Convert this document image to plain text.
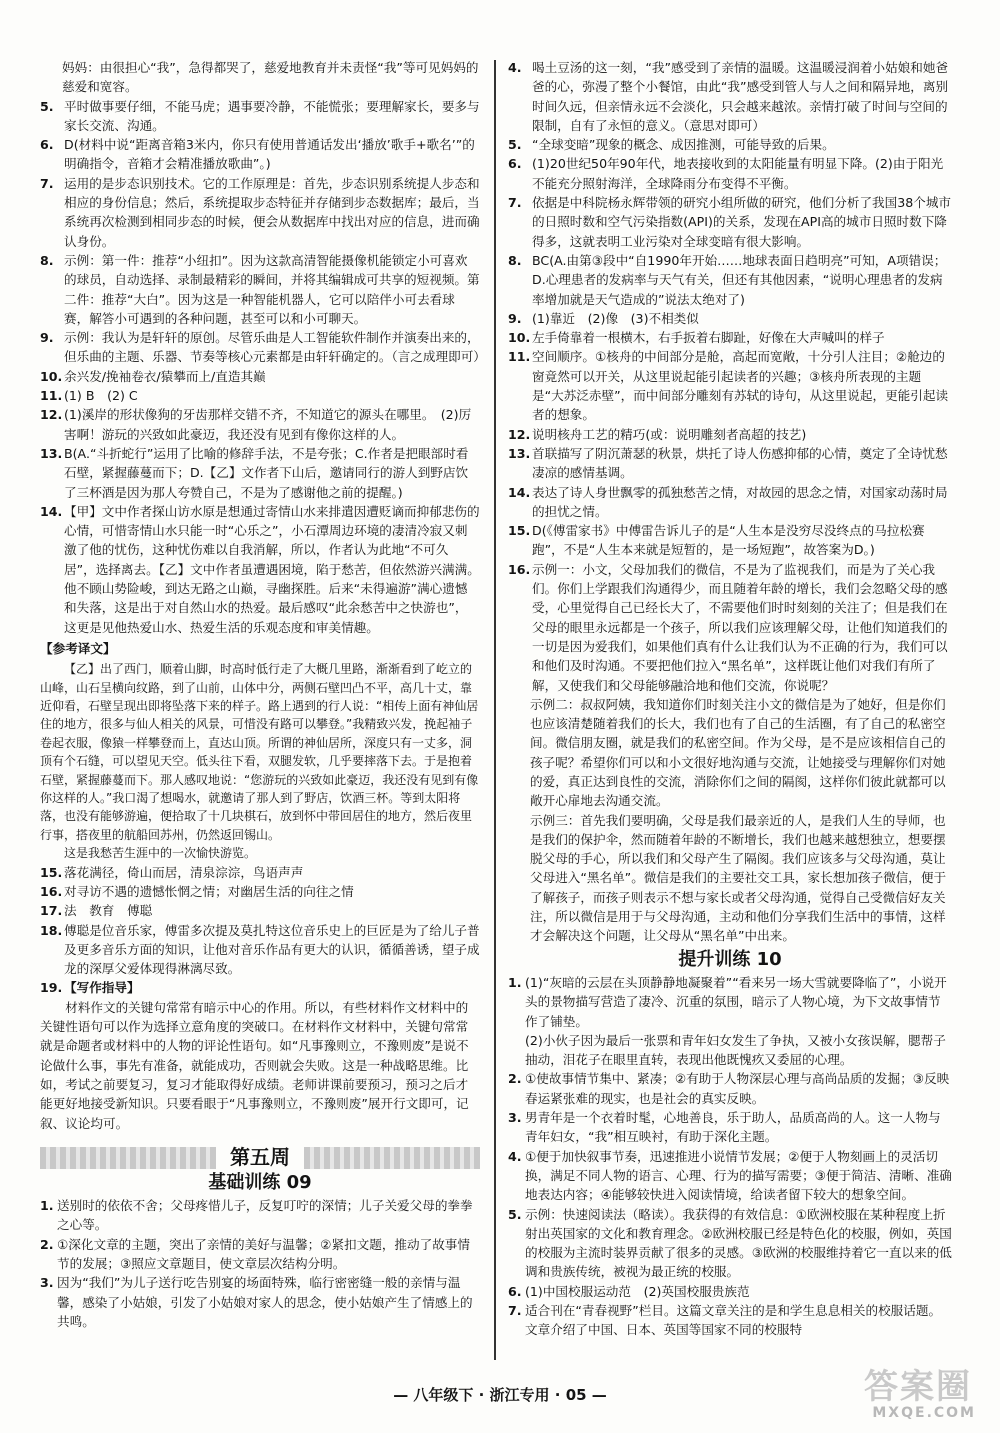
妈妈：由很担心“我”，急得都哭了，慈爱地教育并未责怪“我”等可见妈妈的慈爱和宽容。
5. 平时做事要仔细，不能马虎；遇事要冷静，不能慌张；要理解家长，要多与家长交流、沟通。
6. D(材料中说“距离音箱3米内，你只有使用普通话发出‘播放’歌手+歌名’”的明确指令，音箱才会精准播放歌曲”。)
7. 运用的是步态识别技术。它的工作原理是：首先，步态识别系统提人步态和相应的身份信息；然后，系统提取步态特征并存储到步态数据库；最后，当系统再次检测到相同步态的时候，便会从数据库中找出对应的信息，进而确认身份。
8. 示例：第一件：推荐“小纽扣”。因为这款高清智能摄像机能锁定小可喜欢的球员，自动选择、录制最精彩的瞬间，并将其编辑成可共享的短视频。第二件：推荐“大白”。因为这是一种智能机器人，它可以陪伴小可去看球赛，解答小可遇到的各种问题，甚至可以和小可聊天。
9. 示例：我认为是轩轩的原创。尽管乐曲是人工智能软件制作并演奏出来的，但乐曲的主题、乐器、节奏等核心元素都是由轩轩确定的。（言之成理即可）
10. 余兴发/挽袖卷衣/猿攀而上/直造其巅
11. (1) B　(2) C
12. (1)溪岸的形状像狗的牙齿那样交错不齐，不知道它的源头在哪里。　(2)厉害啊！游玩的兴致如此豪迈，我还没有见到有像你这样的人。
13. B(A.“斗折蛇行”运用了比喻的修辞手法，不是夸张；C.作者是把眼部时看石壁，紧握藤蔓而下；D.【乙】文作者下山后，邀请同行的游人到野店饮了三杯酒是因为那人夸赞自己，不是为了感谢他之前的提醒。)
14. 【甲】文中作者探山访水原是想通过寄情山水来排遣因遭贬谪而抑郁悲伤的心情，可惜寄情山水只能一时“心乐之”，小石潭周边环境的凄清冷寂又刺激了他的忧伤，这种忧伤难以自我消解，所以，作者认为此地“不可久居”，选择离去。【乙】文中作者虽遭遇困境，陷于愁苦，但依然游兴满满。他不顾山势险峻，到达无路之山巅，寻幽探胜。后来“未得遍游”满心遗憾和失落，这是出于对自然山水的热爱。最后感叹“此余愁苦中之快游也”，这更是见他热爱山水、热爱生活的乐观态度和审美情趣。
【参考译文】
【乙】出了西门，顺着山脚，时高时低行走了大概几里路，渐渐看到了屹立的山峰，山石呈横向纹路，到了山前，山体中分，两侧石壁凹凸不平，高几十丈，靠近仰看，石壁呈现出即将坠落下来的样子。路上遇到的行人说：“相传上面有神仙居住的地方，很多与仙人相关的风景，可惜没有路可以攀登。”我精致兴发，挽起袖子卷起衣服，像猿一样攀登而上，直达山顶。所谓的神仙居所，深度只有一丈多，洞顶有个石缝，可以望见天空。低头往下看，双腿发软，几乎要摔落下去。于是抱着石壁，紧握藤蔓而下。那人感叹地说：“您游玩的兴致如此豪迈，我还没有见到有像你这样的人。”我口渴了想喝水，就邀请了那人到了野店，饮酒三杯。等到太阳将落，也没有能够游遍，便拾取了十几块棋石，放到怀中带回居住的地方，然后夜里行事，搭夜里的航船回苏州，仍然返回锡山。
这是我愁苦生涯中的一次愉快游览。
15. 落花满径，倚山而居，清泉淙淙，鸟语声声
16. 对寻访不遇的遗憾怅惘之情；对幽居生活的向往之情
17. 法　教育　傅聪
18. 傅聪是位音乐家，傅雷多次提及莫扎特这位音乐史上的巨匠是为了给儿子普及更多音乐方面的知识，让他对音乐作品有更大的认识，循循善诱，望子成龙的深厚父爱体现得淋漓尽致。
19. 【写作指导】
材料作文的关键句常常有暗示中心的作用。所以，有些材料作文材料中的关键性语句可以作为选择立意角度的突破口。在材料作文材料中，关键句常常就是命题者或材料中的人物的评论性语句。如“凡事豫则立，不豫则废”是说不论做什么事，事先有准备，就能成功，否则就会失败。这是一种战略思维。比如，考试之前要复习，复习才能取得好成绩。老师讲课前要预习，预习之后才能更好地接受新知识。只要看眼于“凡事豫则立，不豫则废”展开行文即可，记叙、议论均可。
第五周
基础训练 09
1. 送别时的依依不舍；父母疼惜儿子，反复叮咛的深情；儿子关爱父母的拳拳之心等。
2. ①深化文章的主题，突出了亲情的美好与温馨；②紧扣文题，推动了故事情节的发展；③照应文章题目，使文章层次结构分明。
3. 因为“我们”为儿子送行吃告别宴的场面特殊，临行密密缝一般的亲情与温馨，感染了小姑娘，引发了小姑娘对家人的思念，使小姑娘产生了情感上的共鸣。
4. 喝土豆汤的这一刻，“我”感受到了亲情的温暖。这温暖浸润着小姑娘和她爸爸的心，弥漫了整个小餐馆，由此“我”感受到管人与人之间和隔异地，离别时间久远，但亲情永远不会淡化，只会越来越浓。亲情打破了时间与空间的限制，自有了永恒的意义。（意思对即可）
5. “全球变暗”现象的概念、成因推测，可能导致的后果。
6. (1)20世纪50年90年代，地表接收到的太阳能量有明显下降。(2)由于阳光不能充分照射海洋，全球降雨分布变得不平衡。
7. 依据是中科院杨永辉带领的研究小组所做的研究，他们分析了我国38个城市的日照时数和空气污染指数(API)的关系，发现在API高的城市日照时数下降得多，这就表明工业污染对全球变暗有很大影响。
8. BC(A.由第③段中“自1990年开始……地球表面日趋明亮”可知，A项错误；D.心理患者的发病率与天气有关，但还有其他因素，“说明心理患者的发病率增加就是天气造成的”说法太绝对了)
9. (1)靠近　(2)像　(3)不相类似
10. 左手倚靠着一根横木，右手扳着右脚趾，好像在大声喊叫的样子
11. 空间顺序。①核舟的中间部分是舱，高起而宽敞，十分引人注目；②舱边的窗竟然可以开关，从这里说起能引起读者的兴趣；③核舟所表现的主题是“大苏泛赤壁”，而中间部分雕刻有苏轼的诗句，从这里说起，更能引起读者的想象。
12. 说明核舟工艺的精巧(或：说明雕刻者高超的技艺)
13. 首联描写了阴沉萧瑟的秋景，烘托了诗人伤感抑郁的心情，奠定了全诗忧愁凄凉的感情基调。
14. 表达了诗人身世飘零的孤独愁苦之情，对故园的思念之情，对国家动荡时局的担忧之情。
15. D(《傅雷家书》中傅雷告诉儿子的是“人生本是没穷尽没终点的马拉松赛跑”，不是“人生本来就是短暂的，是一场短跑”，故答案为D。)
16. 示例一：小文，父母加我们的微信，不是为了监视我们，而是为了关心我们。你们上学跟我们沟通得少，而且随着年龄的增长，我们会忽略父母的感受，心里觉得自己已经长大了，不需要他们时时刻刻的关注了；但是我们在父母的眼里永远都是一个孩子，所以我们应该理解父母，让他们知道我们的一切是因为爱我们，如果他们真有什么让我们认为不正确的行为，我们可以和他们及时沟通。不要把他们拉入“黑名单”，这样既让他们对我们有所了解，又使我们和父母能够融洽地和他们交流，你说呢？
示例二：叔叔阿姨，我知道你们时刻关注小文的微信是为了她好，但是你们也应该清楚随着我们的长大，我们也有了自己的生活圈，有了自己的私密空间。微信朋友圈，就是我们的私密空间。作为父母，是不是应该相信自己的孩子呢？希望你们可以和小文很好地沟通与交流，让她接受与理解你们对她的爱，真正达到良性的交流，消除你们之间的隔阂，这样你们彼此就都可以敞开心扉地去沟通交流。
示例三：首先我们要明确，父母是我们最亲近的人，是我们人生的导师，也是我们的保护伞，然而随着年龄的不断增长，我们也越来越想独立，想要摆脱父母的手心，所以我们和父母产生了隔阂。我们应该多与父母沟通，莫让父母进入“黑名单”。微信是我们的主要社交工具，家长想加孩子微信，便于了解孩子，而孩子则表示不想与家长或者父母沟通，觉得自己受微信好友关注，所以微信是用于与父母沟通，主动和他们分享我们生活中的事情，这样才会解决这个问题，让父母从“黑名单”中出来。
提升训练 10
1. (1)“灰暗的云层在头顶静静地凝聚着”“看来另一场大雪就要降临了”，小说开头的景物描写营造了凄冷、沉重的氛围，暗示了人物心境，为下文故事情节作了铺垫。
(2)小伙子因为最后一张票和青年妇女发生了争执，又被小女孩误解，腮帮子抽动，泪花子在眼里直转，表现出他既愧疚又委屈的心理。
2. ①使故事情节集中、紧凑；②有助于人物深层心理与高尚品质的发掘；③反映春运紧张难的现实，也是社会的真实反映。
3. 男青年是一个衣着时髦，心地善良，乐于助人，品质高尚的人。这一人物与青年妇女，“我”相互映衬，有助于深化主题。
4. ①便于加快叙事节奏，迅速推进小说情节发展；②便于人物刻画上的灵活切换，满足不同人物的语言、心理、行为的描写需要；③便于简洁、清晰、准确地表达内容；④能够较快进入阅读情境，给读者留下较大的想象空间。
5. 示例：快速阅读法（略读）。我获得的有效信息：①欧洲校服在某种程度上折射出英国家的文化和教育理念。②欧洲校服已经是特色化的校服，例如，英国的校服为主流时装界贡献了很多的灵感。③欧洲的校服维持着它一直以来的低调和贵族传统，被视为最正统的校服。
6. (1)中国校服运动范　(2)英国校服贵族范
7. 适合刊在“青春视野”栏目。这篇文章关注的是和学生息息相关的校服话题。文章介绍了中国、日本、英国等国家不同的校服特
— 八年级下 · 浙江专用 · 05 —	答案圈
MXQE.COM
